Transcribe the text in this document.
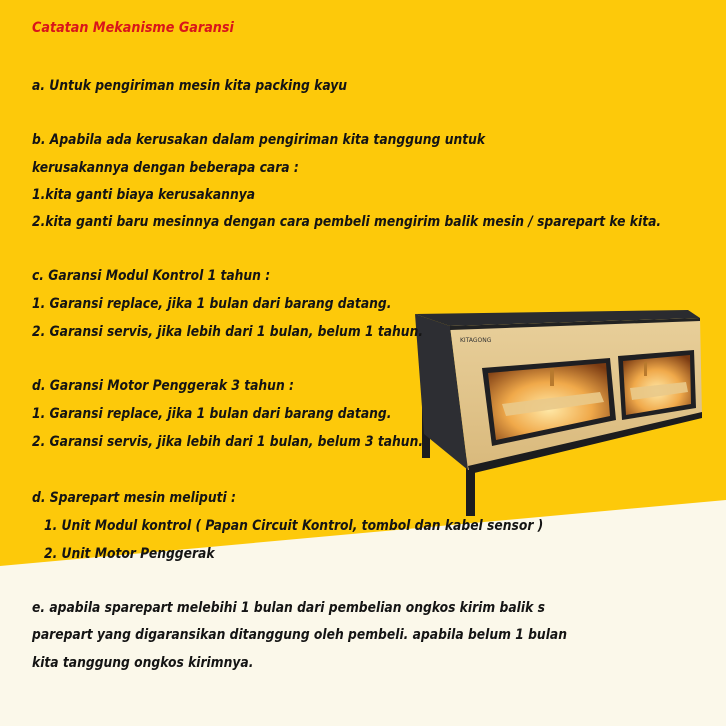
KITAGONG
Catatan Mekanisme Garansi
a. Untuk pengiriman mesin kita packing kayu
b. Apabila ada kerusakan dalam pengiriman kita tanggung untuk
kerusakannya dengan beberapa cara :
1.kita ganti biaya kerusakannya
2.kita ganti baru mesinnya dengan cara pembeli mengirim balik mesin / sparepart ke kita.
c. Garansi Modul Kontrol 1 tahun :
1. Garansi replace, jika 1 bulan dari barang datang.
2. Garansi servis, jika lebih dari 1 bulan, belum 1 tahun.
d. Garansi Motor Penggerak 3 tahun :
1. Garansi replace, jika 1 bulan dari barang datang.
2. Garansi servis, jika lebih dari 1 bulan, belum 3 tahun.
d. Sparepart mesin meliputi :
1. Unit Modul kontrol ( Papan Circuit Kontrol, tombol dan kabel sensor )
2. Unit Motor Penggerak
e. apabila sparepart melebihi 1 bulan dari pembelian ongkos kirim balik s
parepart yang digaransikan ditanggung oleh pembeli. apabila belum 1 bulan
kita tanggung ongkos kirimnya.
